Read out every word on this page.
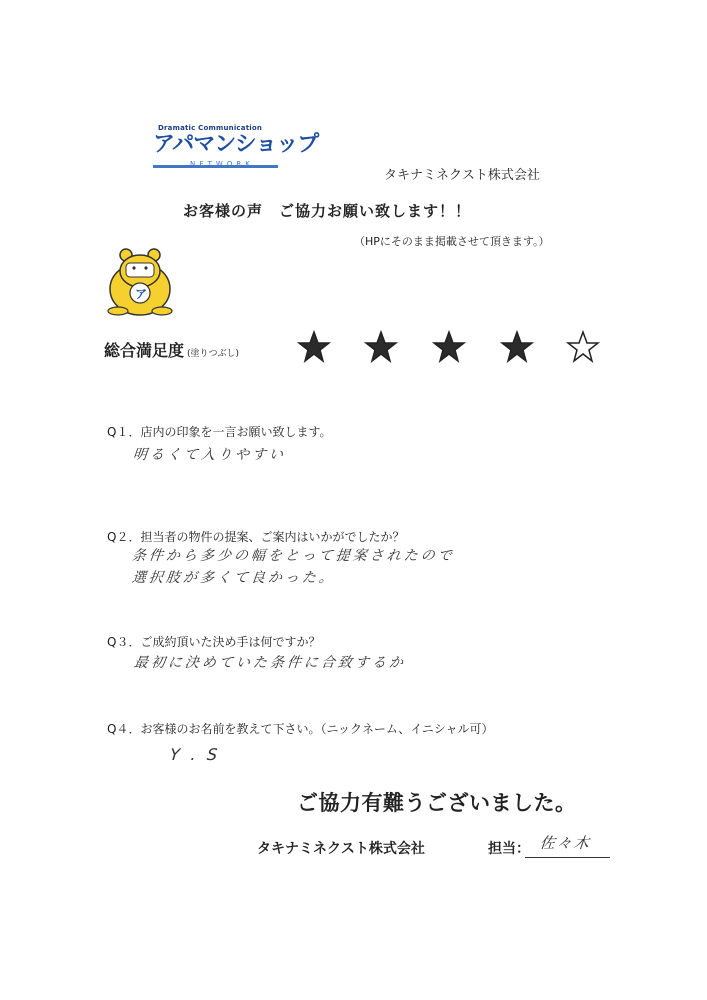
Dramatic Communication
アパマンショップ
NETWORK
タキナミネクスト株式会社
お客様の声　ご協力お願い致します！！
（HPにそのまま掲載させて頂きます。）
ア
総合満足度 (塗りつぶし)
Q１．店内の印象を一言お願い致します。
明るくて入りやすい
Q２．担当者の物件の提案、ご案内はいかがでしたか？
条件から多少の幅をとって提案されたので
選択肢が多くて良かった。
Q３．ご成約頂いた決め手は何ですか？
最初に決めていた条件に合致するか
Q４．お客様のお名前を教えて下さい。（ニックネーム、イニシャル可）
Y . S
ご協力有難うございました。
タキナミネクスト株式会社	担当： 佐々木
